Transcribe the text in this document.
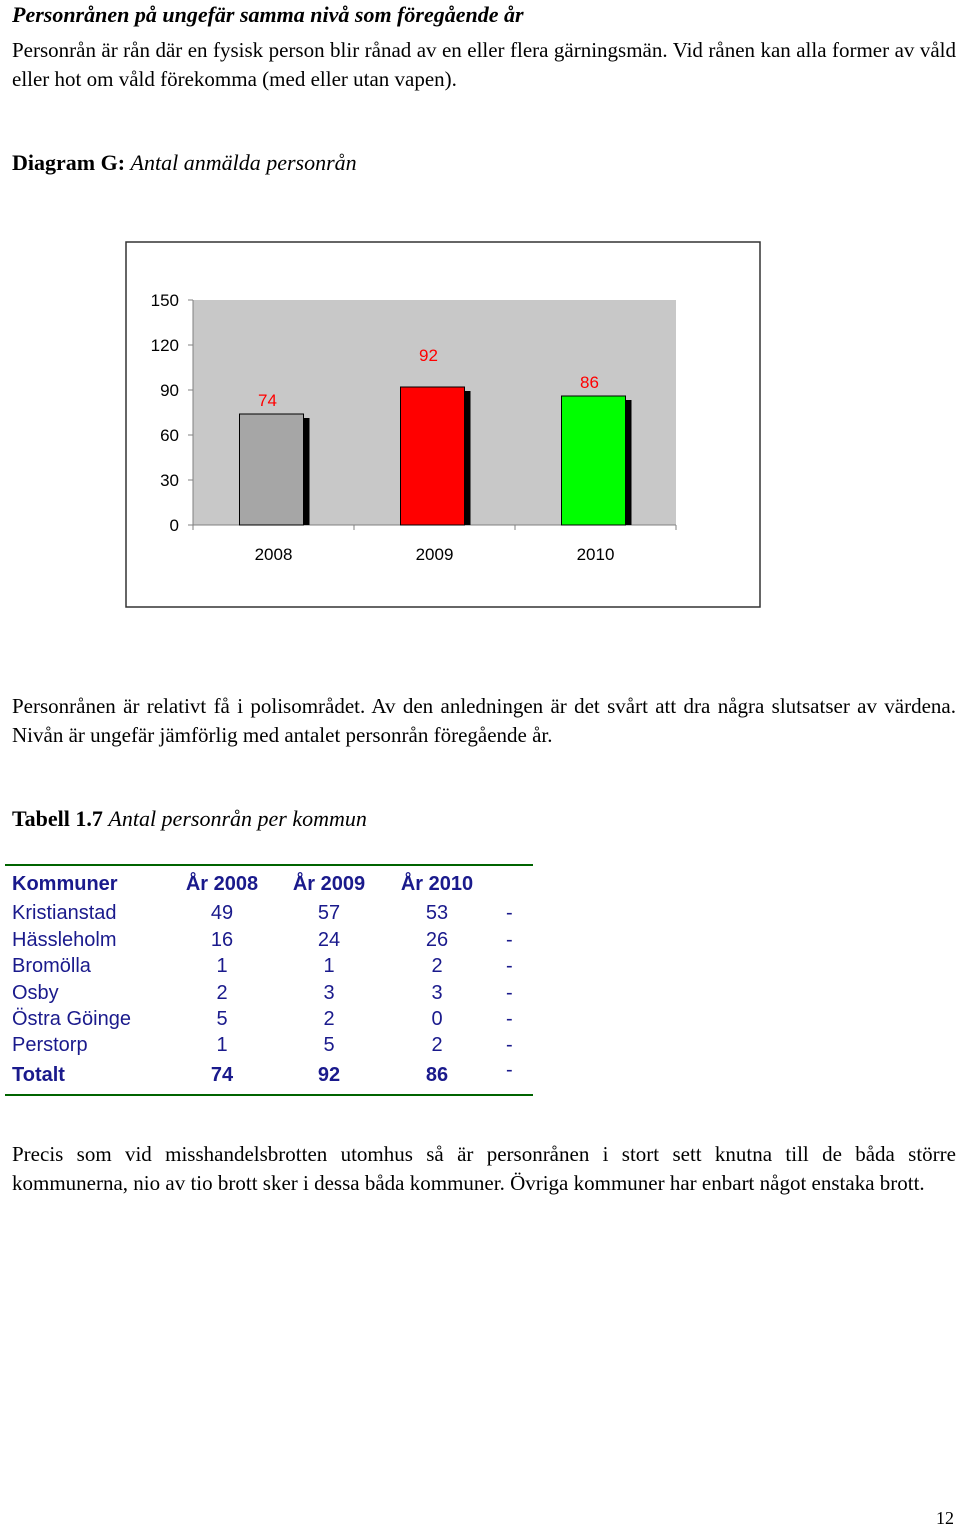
Personrånen på ungefär samma nivå som föregående år

Personrån är rån där en fysisk person blir rånad av en eller flera gärningsmän. Vid rånen kan alla former av våld eller hot om våld förekomma (med eller utan vapen).

Diagram G: Antal anmälda personrån
0
30
60
90
120
150
74
92
86
2008	2009	2010

Personrånen är relativt få i polisområdet. Av den anledningen är det svårt att dra några slutsatser av värdena. Nivån är ungefär jämförlig med antalet personrån föregående år.

Tabell 1.7 Antal personrån per kommun
Kommuner	År 2008	År 2009	År 2010
Kristianstad	49	57	53	-
Hässleholm	16	24	26	-
Bromölla	1	1	2	-
Osby	2	3	3	-
Östra Göinge	5	2	0	-
Perstorp	1	5	2	-
Totalt	74	92	86	-

Precis som vid misshandelsbrotten utomhus så är personrånen i stort sett knutna till de båda större kommunerna, nio av tio brott sker i dessa båda kommuner. Övriga kommuner har enbart något enstaka brott.

12
